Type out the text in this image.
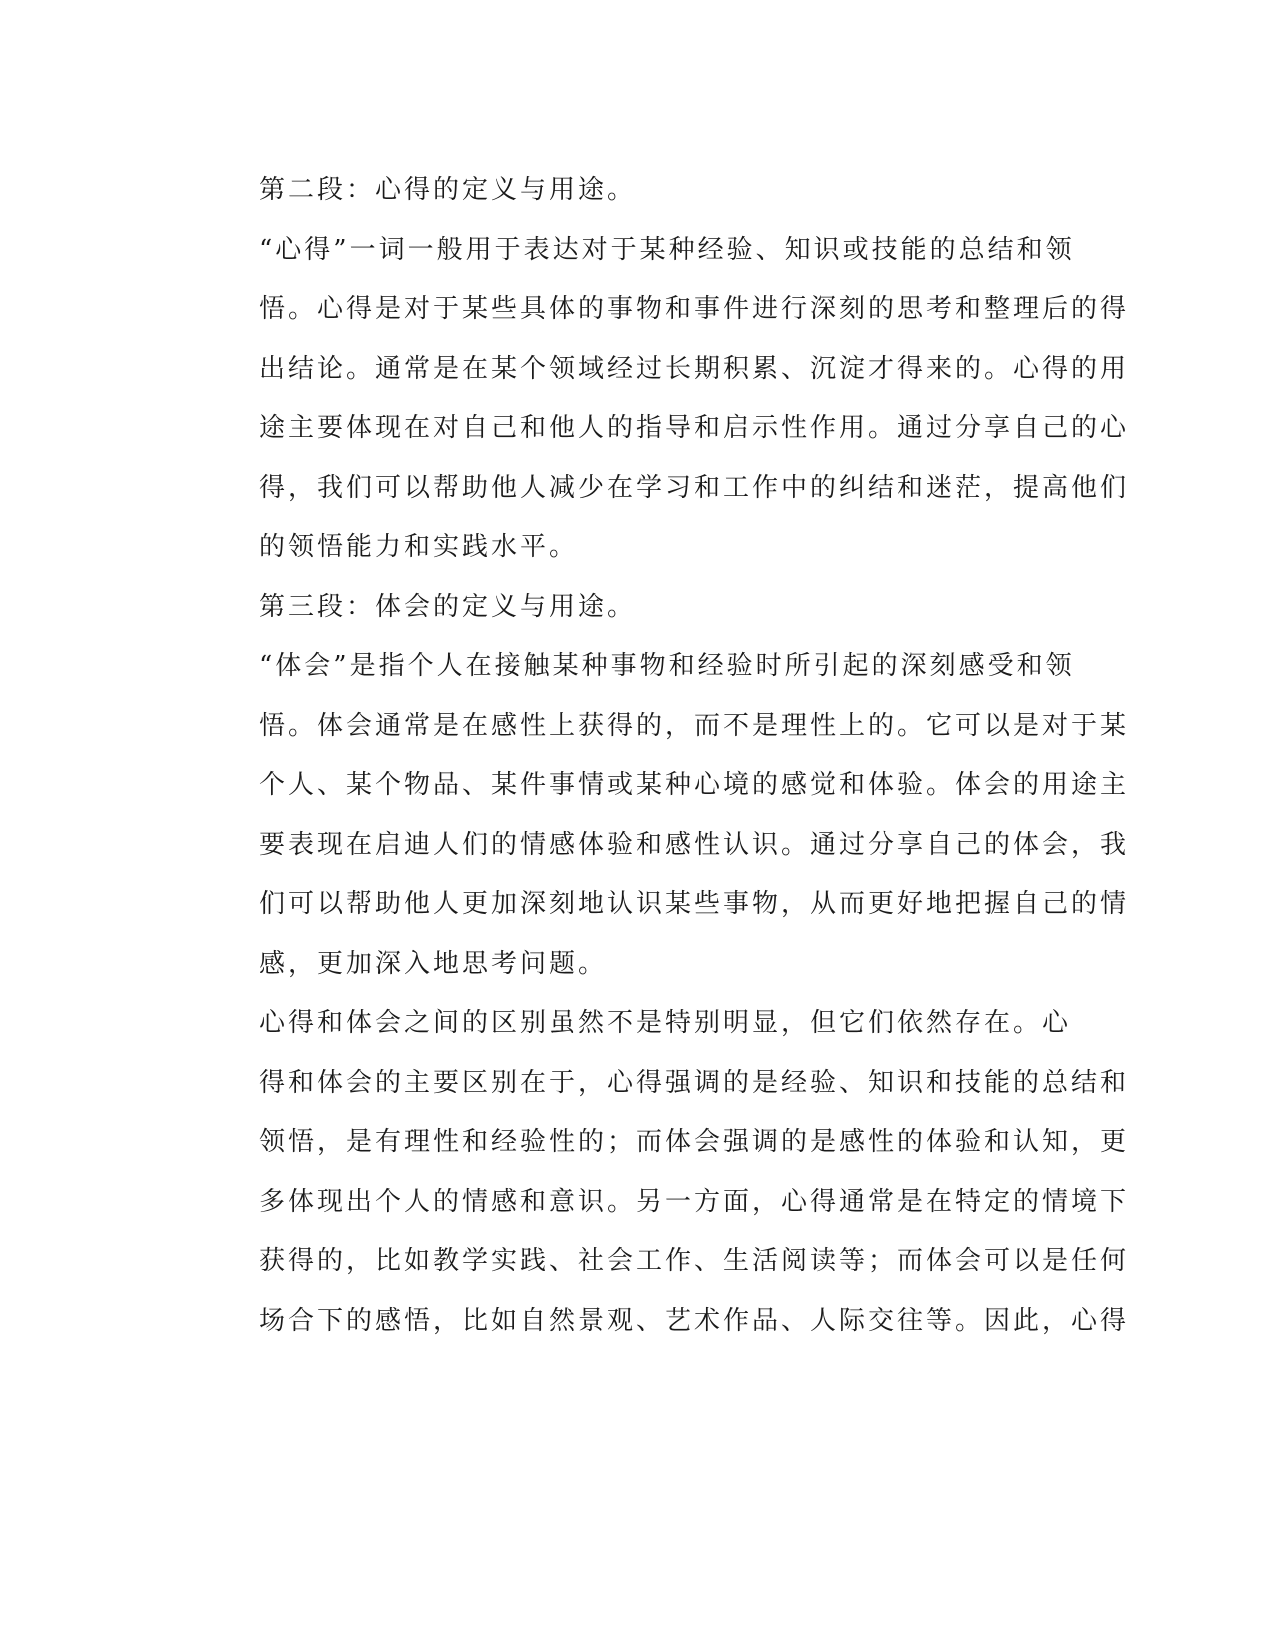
第二段：心得的定义与用途。
“心得”一词一般用于表达对于某种经验、知识或技能的总结和领
悟。心得是对于某些具体的事物和事件进行深刻的思考和整理后的得
出结论。通常是在某个领域经过长期积累、沉淀才得来的。心得的用
途主要体现在对自己和他人的指导和启示性作用。通过分享自己的心
得，我们可以帮助他人减少在学习和工作中的纠结和迷茫，提高他们
的领悟能力和实践水平。
第三段：体会的定义与用途。
“体会”是指个人在接触某种事物和经验时所引起的深刻感受和领
悟。体会通常是在感性上获得的，而不是理性上的。它可以是对于某
个人、某个物品、某件事情或某种心境的感觉和体验。体会的用途主
要表现在启迪人们的情感体验和感性认识。通过分享自己的体会，我
们可以帮助他人更加深刻地认识某些事物，从而更好地把握自己的情
感，更加深入地思考问题。
心得和体会之间的区别虽然不是特别明显，但它们依然存在。心
得和体会的主要区别在于，心得强调的是经验、知识和技能的总结和
领悟，是有理性和经验性的；而体会强调的是感性的体验和认知，更
多体现出个人的情感和意识。另一方面，心得通常是在特定的情境下
获得的，比如教学实践、社会工作、生活阅读等；而体会可以是任何
场合下的感悟，比如自然景观、艺术作品、人际交往等。因此，心得
